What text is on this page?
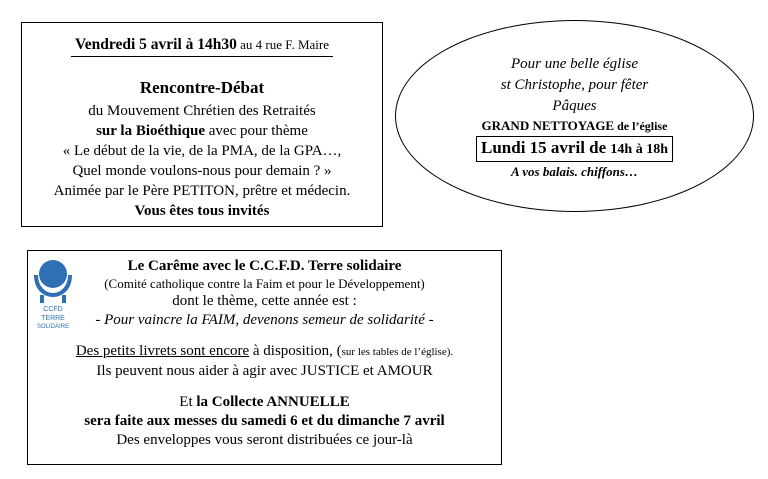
Vendredi 5 avril à 14h30 au 4 rue F. Maire
Rencontre-Débat
du Mouvement Chrétien des Retraités
sur la Bioéthique avec pour thème
« Le début de la vie, de la PMA, de la GPA…,
Quel monde voulons-nous pour demain ? »
Animée par le Père PETITON, prêtre et médecin.
Vous êtes tous invités
Pour une belle église
st Christophe, pour fêter
Pâques
GRAND NETTOYAGE de l’église
Lundi 15 avril de 14h à 18h
A vos balais. chiffons…
CCFD
TERRE
SOLIDAIRE
Le Carême avec le C.C.F.D. Terre solidaire
(Comité catholique contre la Faim et pour le Développement)
dont le thème, cette année est :
- Pour vaincre la FAIM, devenons semeur de solidarité -
Des petits livrets sont encore à disposition, (sur les tables de l’église).
Ils peuvent nous aider à agir avec JUSTICE et AMOUR
Et la Collecte ANNUELLE
sera faite aux messes du samedi 6 et du dimanche 7 avril
Des enveloppes vous seront distribuées ce jour-là
